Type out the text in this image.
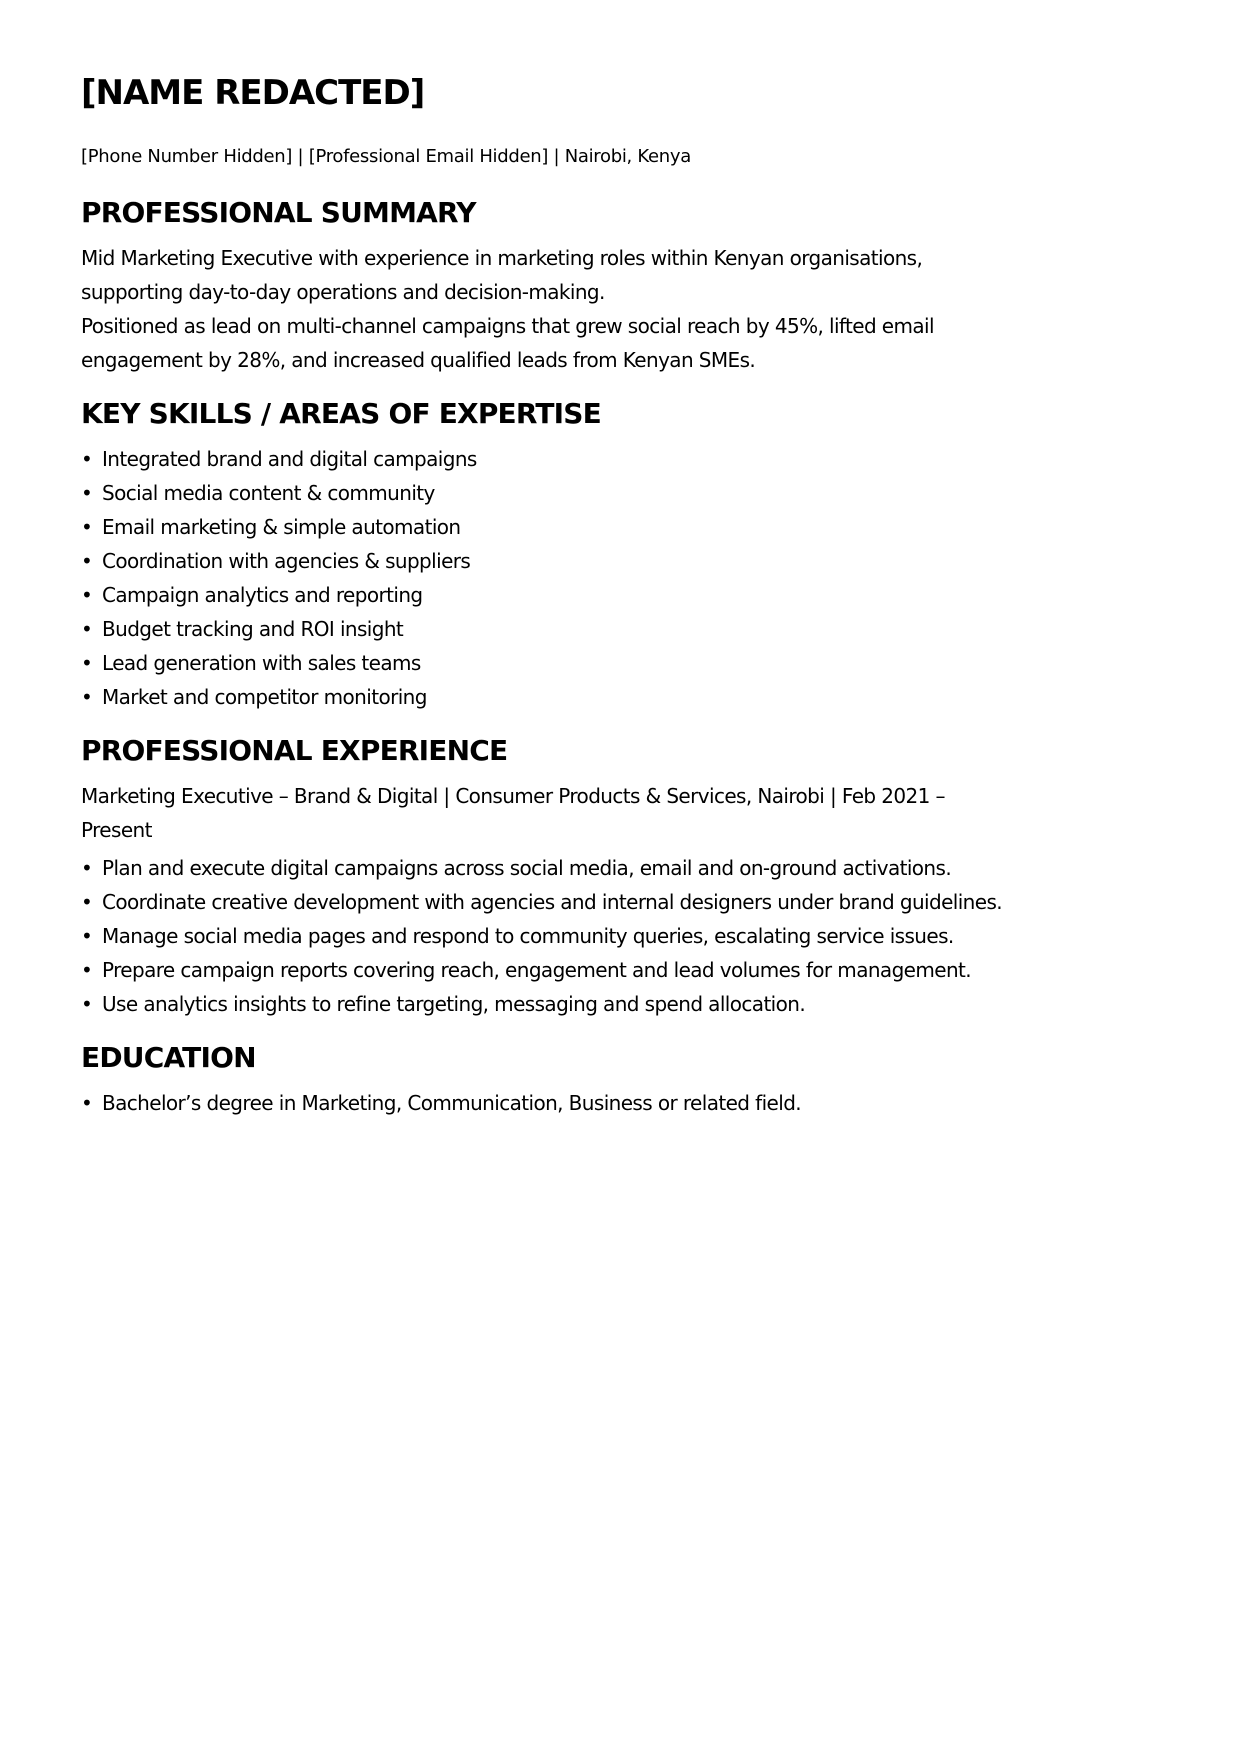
[NAME REDACTED]
[Phone Number Hidden] | [Professional Email Hidden] | Nairobi, Kenya
PROFESSIONAL SUMMARY
Mid Marketing Executive with experience in marketing roles within Kenyan organisations,
supporting day-to-day operations and decision-making.
Positioned as lead on multi-channel campaigns that grew social reach by 45%, lifted email
engagement by 28%, and increased qualified leads from Kenyan SMEs.
KEY SKILLS / AREAS OF EXPERTISE
• Integrated brand and digital campaigns
• Social media content & community
• Email marketing & simple automation
• Coordination with agencies & suppliers
• Campaign analytics and reporting
• Budget tracking and ROI insight
• Lead generation with sales teams
• Market and competitor monitoring
PROFESSIONAL EXPERIENCE
Marketing Executive – Brand & Digital | Consumer Products & Services, Nairobi | Feb 2021 –
Present
• Plan and execute digital campaigns across social media, email and on-ground activations.
• Coordinate creative development with agencies and internal designers under brand guidelines.
• Manage social media pages and respond to community queries, escalating service issues.
• Prepare campaign reports covering reach, engagement and lead volumes for management.
• Use analytics insights to refine targeting, messaging and spend allocation.
EDUCATION
• Bachelor’s degree in Marketing, Communication, Business or related field.
